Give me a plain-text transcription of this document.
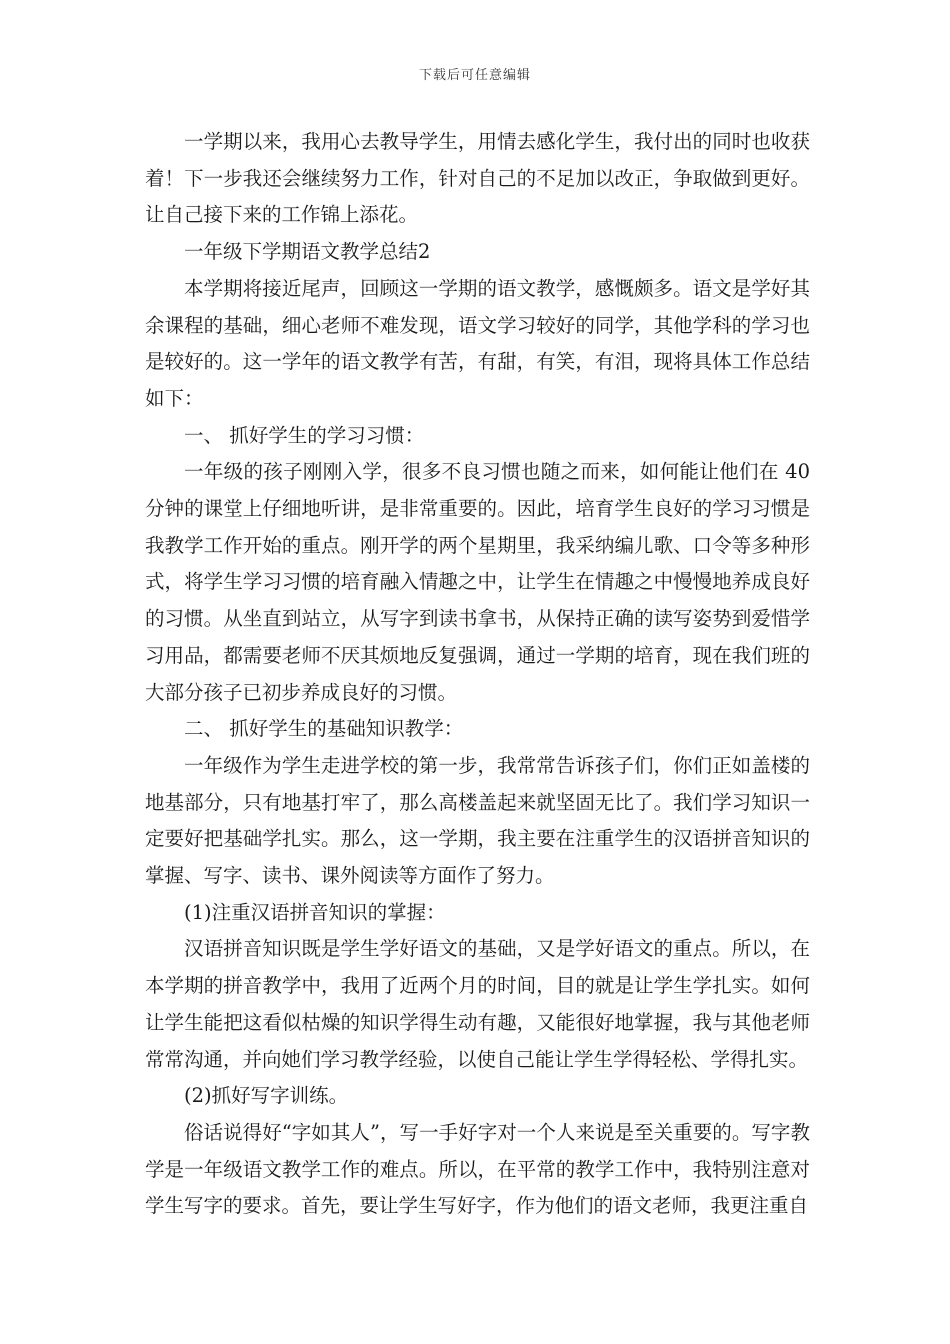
下载后可任意编辑

一学期以来，我用心去教导学生，用情去感化学生，我付出的同时也收获着！下一步我还会继续努力工作，针对自己的不足加以改正，争取做到更好。让自己接下来的工作锦上添花。

一年级下学期语文教学总结2

本学期将接近尾声，回顾这一学期的语文教学，感慨颇多。语文是学好其余课程的基础，细心老师不难发现，语文学习较好的同学，其他学科的学习也是较好的。这一学年的语文教学有苦，有甜，有笑，有泪，现将具体工作总结如下：

一、 抓好学生的学习习惯：

一年级的孩子刚刚入学，很多不良习惯也随之而来，如何能让他们在 40 分钟的课堂上仔细地听讲，是非常重要的。因此，培育学生良好的学习习惯是我教学工作开始的重点。刚开学的两个星期里，我采纳编儿歌、口令等多种形式，将学生学习习惯的培育融入情趣之中，让学生在情趣之中慢慢地养成良好的习惯。从坐直到站立，从写字到读书拿书，从保持正确的读写姿势到爱惜学习用品，都需要老师不厌其烦地反复强调，通过一学期的培育，现在我们班的大部分孩子已初步养成良好的习惯。

二、 抓好学生的基础知识教学：

一年级作为学生走进学校的第一步，我常常告诉孩子们，你们正如盖楼的地基部分，只有地基打牢了，那么高楼盖起来就坚固无比了。我们学习知识一定要好把基础学扎实。那么，这一学期，我主要在注重学生的汉语拼音知识的掌握、写字、读书、课外阅读等方面作了努力。

(1)注重汉语拼音知识的掌握：

汉语拼音知识既是学生学好语文的基础，又是学好语文的重点。所以，在本学期的拼音教学中，我用了近两个月的时间，目的就是让学生学扎实。如何让学生能把这看似枯燥的知识学得生动有趣，又能很好地掌握，我与其他老师常常沟通，并向她们学习教学经验，以使自己能让学生学得轻松、学得扎实。

(2)抓好写字训练。

俗话说得好“字如其人”，写一手好字对一个人来说是至关重要的。写字教学是一年级语文教学工作的难点。所以，在平常的教学工作中，我特别注意对学生写字的要求。首先，要让学生写好字，作为他们的语文老师，我更注重自
